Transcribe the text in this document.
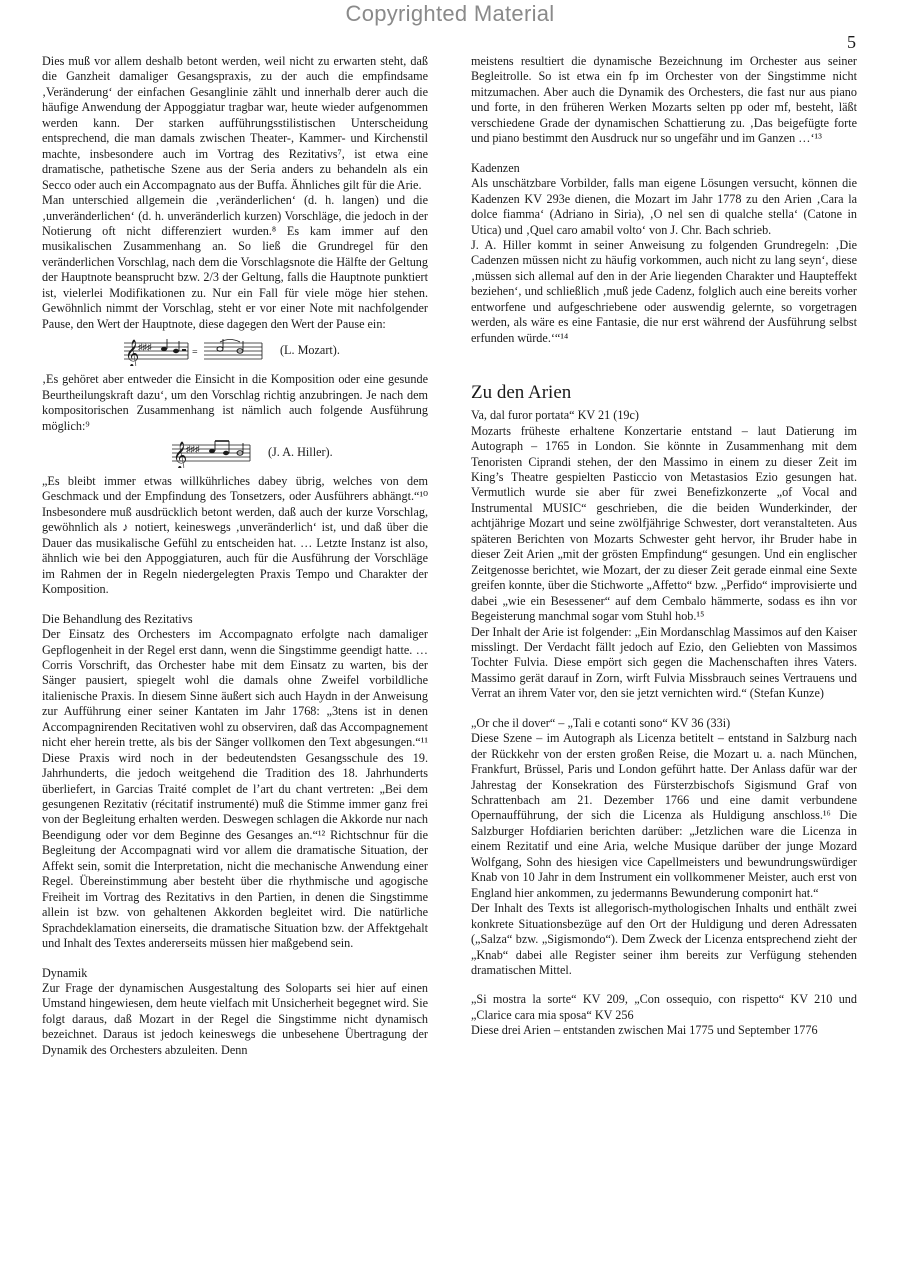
Copyrighted Material
5

Dies muß vor allem deshalb betont werden, weil nicht zu erwarten steht, daß die Ganzheit damaliger Gesangspraxis, zu der auch die empfindsame ‚Veränderung‘ der einfachen Gesanglinie zählt und innerhalb derer auch die häufige Anwendung der Appoggiatur tragbar war, heute wieder aufgenommen werden kann. Der starken aufführungsstilistischen Unterscheidung entsprechend, die man damals zwischen Theater-, Kammer- und Kirchenstil machte, insbesondere auch im Vortrag des Rezitativs⁷, ist etwa eine dramatische, pathetische Szene aus der Seria anders zu behandeln als ein Secco oder auch ein Accompagnato aus der Buffa. Ähnliches gilt für die Arie.

Man unterschied allgemein die ‚veränderlichen‘ (d. h. langen) und die ‚unveränderlichen‘ (d. h. unveränderlich kurzen) Vorschläge, die jedoch in der Notierung oft nicht differenziert wurden.⁸ Es kam immer auf den musikalischen Zusammenhang an. So ließ die Grundregel für den veränderlichen Vorschlag, nach dem die Vorschlagsnote die Hälfte der Geltung der Hauptnote beansprucht bzw. 2/3 der Geltung, falls die Hauptnote punktiert ist, vielerlei Modifikationen zu. Nur ein Fall für viele möge hier stehen. Gewöhnlich nimmt der Vorschlag, steht er vor einer Note mit nachfolgender Pause, den Wert der Hauptnote, diese dagegen den Wert der Pause ein:

𝄞
♯♯♯	=	(L. Mozart).

‚Es gehöret aber entweder die Einsicht in die Komposition oder eine gesunde Beurtheilungskraft dazu‘, um den Vorschlag richtig anzubringen. Je nach dem kompositorischen Zusammenhang ist nämlich auch folgende Ausführung möglich:⁹

𝄞
♯♯♯	(J. A. Hiller).

„Es bleibt immer etwas willkührliches dabey übrig, welches von dem Geschmack und der Empfindung des Tonsetzers, oder Ausführers abhängt.“¹⁰ Insbesondere muß ausdrücklich betont werden, daß auch der kurze Vorschlag, gewöhnlich als ♪ notiert, keineswegs ‚unveränderlich‘ ist, und daß über die Dauer das musikalische Gefühl zu entscheiden hat. … Letzte Instanz ist also, ähnlich wie bei den Appoggiaturen, auch für die Ausführung der Vorschläge im Rahmen der in Regeln niedergelegten Praxis Tempo und Charakter der Komposition.

Die Behandlung des Rezitativs

Der Einsatz des Orchesters im Accompagnato erfolgte nach damaliger Gepflogenheit in der Regel erst dann, wenn die Singstimme geendigt hatte. … Corris Vorschrift, das Orchester habe mit dem Einsatz zu warten, bis der Sänger pausiert, spiegelt wohl die damals ohne Zweifel vorbildliche italienische Praxis. In diesem Sinne äußert sich auch Haydn in der Anweisung zur Aufführung einer seiner Kantaten im Jahr 1768: „3tens ist in denen Accompagnirenden Recitativen wohl zu observiren, daß das Accompagnement nicht eher herein trette, als bis der Sänger vollkomen den Text abgesungen.“¹¹ Diese Praxis wird noch in der bedeutendsten Gesangsschule des 19. Jahrhunderts, die jedoch weitgehend die Tradition des 18. Jahrhunderts überliefert, in Garcias Traité complet de l’art du chant vertreten: „Bei dem gesungenen Rezitativ (récitatif instrumenté) muß die Stimme immer ganz frei von der Begleitung erhalten werden. Deswegen schlagen die Akkorde nur nach Beendigung oder vor dem Beginne des Gesanges an.“¹² Richtschnur für die Begleitung der Accompagnati wird vor allem die dramatische Situation, der Affekt sein, somit die Interpretation, nicht die mechanische Anwendung einer Regel. Übereinstimmung aber besteht über die rhythmische und agogische Freiheit im Vortrag des Rezitativs in den Partien, in denen die Singstimme allein ist bzw. von gehaltenen Akkorden begleitet wird. Die natürliche Sprachdeklamation einerseits, die dramatische Situation bzw. der Affektgehalt und Inhalt des Textes andererseits müssen hier maßgebend sein.

Dynamik

Zur Frage der dynamischen Ausgestaltung des Soloparts sei hier auf einen Umstand hingewiesen, dem heute vielfach mit Unsicherheit begegnet wird. Sie folgt daraus, daß Mozart in der Regel die Singstimme nicht dynamisch bezeichnet. Daraus ist jedoch keineswegs die unbesehene Übertragung der Dynamik des Orchesters abzuleiten. Denn

meistens resultiert die dynamische Bezeichnung im Orchester aus seiner Begleitrolle. So ist etwa ein fp im Orchester von der Singstimme nicht mitzumachen. Aber auch die Dynamik des Orchesters, die fast nur aus piano und forte, in den früheren Werken Mozarts selten pp oder mf, besteht, läßt verschiedene Grade der dynamischen Schattierung zu. ‚Das beigefügte forte und piano bestimmt den Ausdruck nur so ungefähr und im Ganzen …‘¹³

Kadenzen

Als unschätzbare Vorbilder, falls man eigene Lösungen versucht, können die Kadenzen KV 293e dienen, die Mozart im Jahr 1778 zu den Arien ‚Cara la dolce fiamma‘ (Adriano in Siria), ‚O nel sen di qualche stella‘ (Catone in Utica) und ‚Quel caro amabil volto‘ von J. Chr. Bach schrieb.

J. A. Hiller kommt in seiner Anweisung zu folgenden Grundregeln: ‚Die Cadenzen müssen nicht zu häufig vorkommen, auch nicht zu lang seyn‘, diese ‚müssen sich allemal auf den in der Arie liegenden Charakter und Haupteffekt beziehen‘, und schließlich ‚muß jede Cadenz, folglich auch eine bereits vorher entworfene und aufgeschriebene oder auswendig gelernte, so vorgetragen werden, als wäre es eine Fantasie, die nur erst während der Ausführung selbst erfunden würde.‘“¹⁴

Zu den Arien

Va, dal furor portata“ KV 21 (19c)

Mozarts früheste erhaltene Konzertarie entstand – laut Datierung im Autograph – 1765 in London. Sie könnte in Zusammenhang mit dem Tenoristen Ciprandi stehen, der den Massimo in einem zu dieser Zeit im King’s Theatre gespielten Pasticcio von Metastasios Ezio gesungen hat. Vermutlich wurde sie aber für zwei Benefizkonzerte „of Vocal and Instrumental MUSIC“ geschrieben, die die beiden Wunderkinder, der achtjährige Mozart und seine zwölfjährige Schwester, dort veranstalteten. Aus späteren Berichten von Mozarts Schwester geht hervor, ihr Bruder habe in dieser Zeit Arien „mit der grösten Empfindung“ gesungen. Und ein englischer Zeitgenosse berichtet, wie Mozart, der zu dieser Zeit gerade einmal eine Sexte greifen konnte, über die Stichworte „Affetto“ bzw. „Perfido“ improvisierte und dabei „wie ein Besessener“ auf dem Cembalo hämmerte, sodass es ihn vor Begeisterung manchmal sogar vom Stuhl hob.¹⁵

Der Inhalt der Arie ist folgender: „Ein Mordanschlag Massimos auf den Kaiser misslingt. Der Verdacht fällt jedoch auf Ezio, den Geliebten von Massimos Tochter Fulvia. Diese empört sich gegen die Machenschaften ihres Vaters. Massimo gerät darauf in Zorn, wirft Fulvia Missbrauch seines Vertrauens und Verrat an ihrem Vater vor, den sie jetzt vernichten wird.“ (Stefan Kunze)

„Or che il dover“ – „Tali e cotanti sono“ KV 36 (33i)

Diese Szene – im Autograph als Licenza betitelt – entstand in Salzburg nach der Rückkehr von der ersten großen Reise, die Mozart u. a. nach München, Frankfurt, Brüssel, Paris und London geführt hatte. Der Anlass dafür war der Jahrestag der Konsekration des Fürsterzbischofs Sigismund Graf von Schrattenbach am 21. Dezember 1766 und eine damit verbundene Opernaufführung, der sich die Licenza als Huldigung anschloss.¹⁶ Die Salzburger Hofdiarien berichten darüber: „Jetzlichen ware die Licenza in einem Rezitatif und eine Aria, welche Musique darüber der junge Mozard Wolfgang, Sohn des hiesigen vice Capellmeisters und bewundrungswürdiger Knab von 10 Jahr in dem Instrument ein vollkommener Meister, auch erst von England hier ankommen, zu jedermanns Bewunderung componirt hat.“

Der Inhalt des Texts ist allegorisch-mythologischen Inhalts und enthält zwei konkrete Situationsbezüge auf den Ort der Huldigung und deren Adressaten („Salza“ bzw. „Sigismondo“). Dem Zweck der Licenza entsprechend zieht der „Knab“ dabei alle Register seiner ihm bereits zur Verfügung stehenden dramatischen Mittel.

„Si mostra la sorte“ KV 209, „Con ossequio, con rispetto“ KV 210 und „Clarice cara mia sposa“ KV 256

Diese drei Arien – entstanden zwischen Mai 1775 und September 1776
